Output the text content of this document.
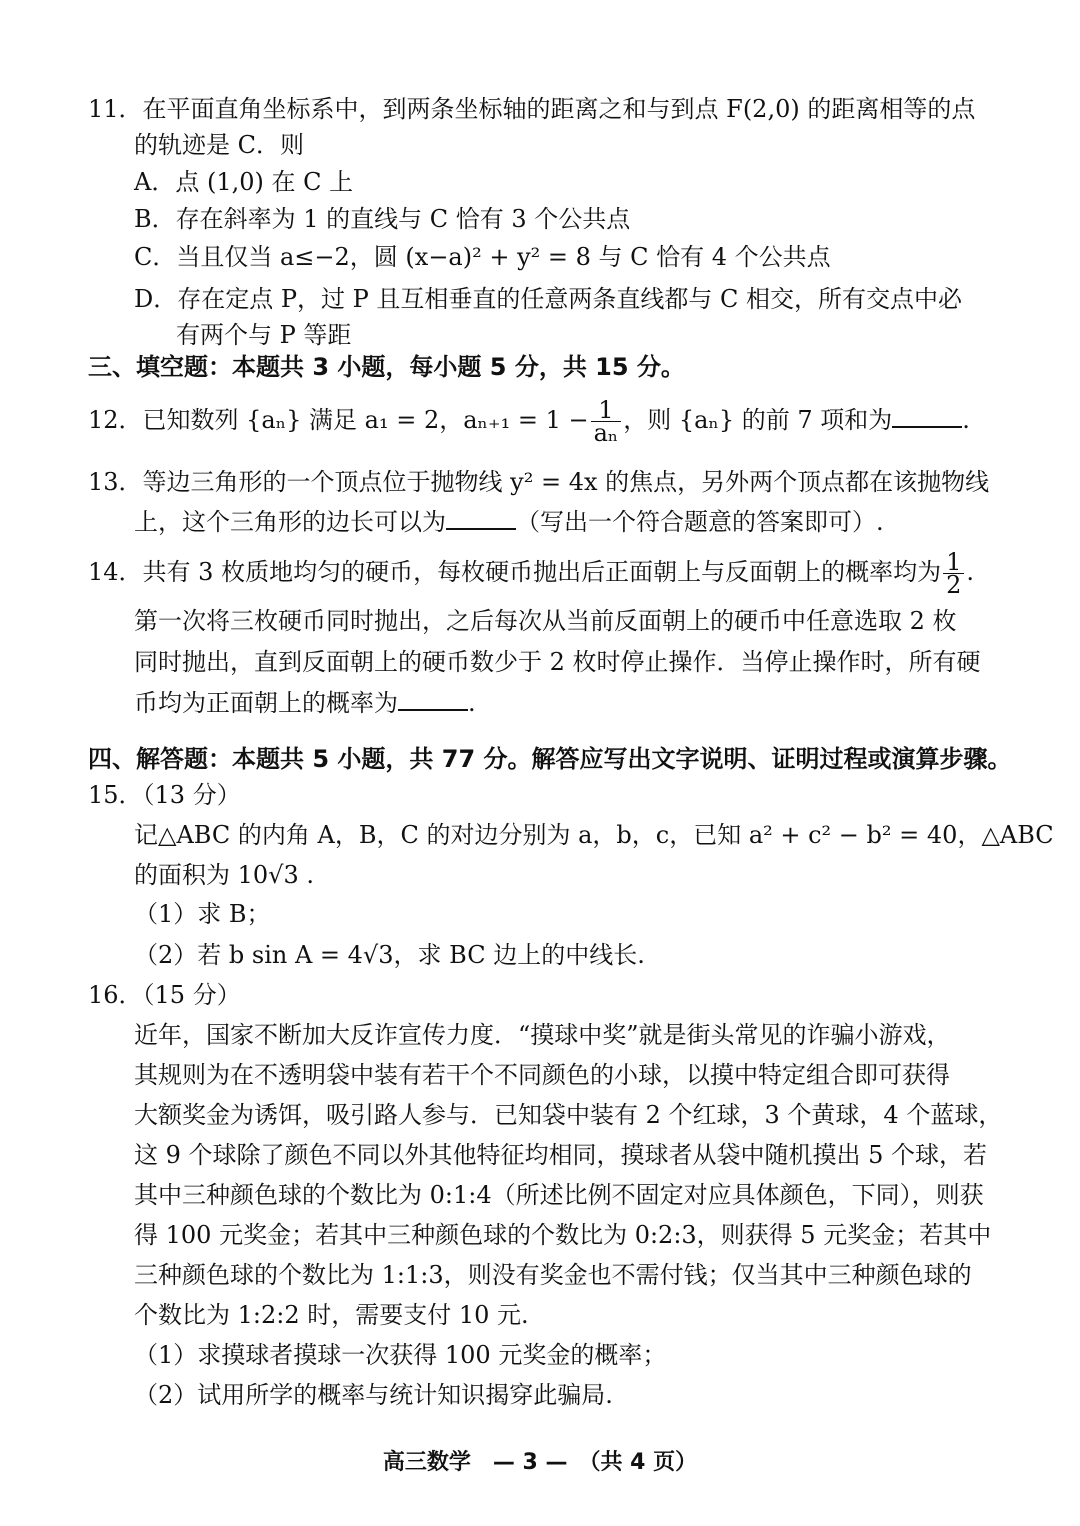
11．在平面直角坐标系中，到两条坐标轴的距离之和与到点 F(2,0) 的距离相等的点
的轨迹是 C．则
A．点 (1,0) 在 C 上
B．存在斜率为 1 的直线与 C 恰有 3 个公共点
C．当且仅当 a≤−2，圆 (x−a)² + y² = 8 与 C 恰有 4 个公共点
D．存在定点 P，过 P 且互相垂直的任意两条直线都与 C 相交，所有交点中必
有两个与 P 等距
三、填空题：本题共 3 小题，每小题 5 分，共 15 分。
12．已知数列 {aₙ} 满足 a₁ = 2，$a_{n+1} = 1 - \frac{1}{\text{aₙ}}$ ，则 {aₙ} 的前 7 项和为	.
13．等边三角形的一个顶点位于抛物线 y² = 4x 的焦点，另外两个顶点都在该抛物线
上，这个三角形的边长可以为	（写出一个符合题意的答案即可）.
14．共有 3 枚质地均匀的硬币，每枚硬币抛出后正面朝上与反面朝上的概率均为 $\frac{1}{2}$ .
第一次将三枚硬币同时抛出，之后每次从当前反面朝上的硬币中任意选取 2 枚
同时抛出，直到反面朝上的硬币数少于 2 枚时停止操作．当停止操作时，所有硬
币均为正面朝上的概率为	.
四、解答题：本题共 5 小题，共 77 分。解答应写出文字说明、证明过程或演算步骤。
15．（13 分）
记△ABC 的内角 A，B，C 的对边分别为 a，b，c，已知 a² + c² − b² = 40，△ABC
的面积为 10√3 .
（1）求 B；
（2）若 b sin A = 4√3，求 BC 边上的中线长.
16．（15 分）
近年，国家不断加大反诈宣传力度．“摸球中奖”就是街头常见的诈骗小游戏，
其规则为在不透明袋中装有若干个不同颜色的小球，以摸中特定组合即可获得
大额奖金为诱饵，吸引路人参与．已知袋中装有 2 个红球，3 个黄球，4 个蓝球，
这 9 个球除了颜色不同以外其他特征均相同，摸球者从袋中随机摸出 5 个球，若
其中三种颜色球的个数比为 0:1:4（所述比例不固定对应具体颜色，下同），则获
得 100 元奖金；若其中三种颜色球的个数比为 0:2:3，则获得 5 元奖金；若其中
三种颜色球的个数比为 1:1:3，则没有奖金也不需付钱；仅当其中三种颜色球的
个数比为 1:2:2 时，需要支付 10 元.
（1）求摸球者摸球一次获得 100 元奖金的概率；
（2）试用所学的概率与统计知识揭穿此骗局.
高三数学　— 3 —　（共 4 页）
